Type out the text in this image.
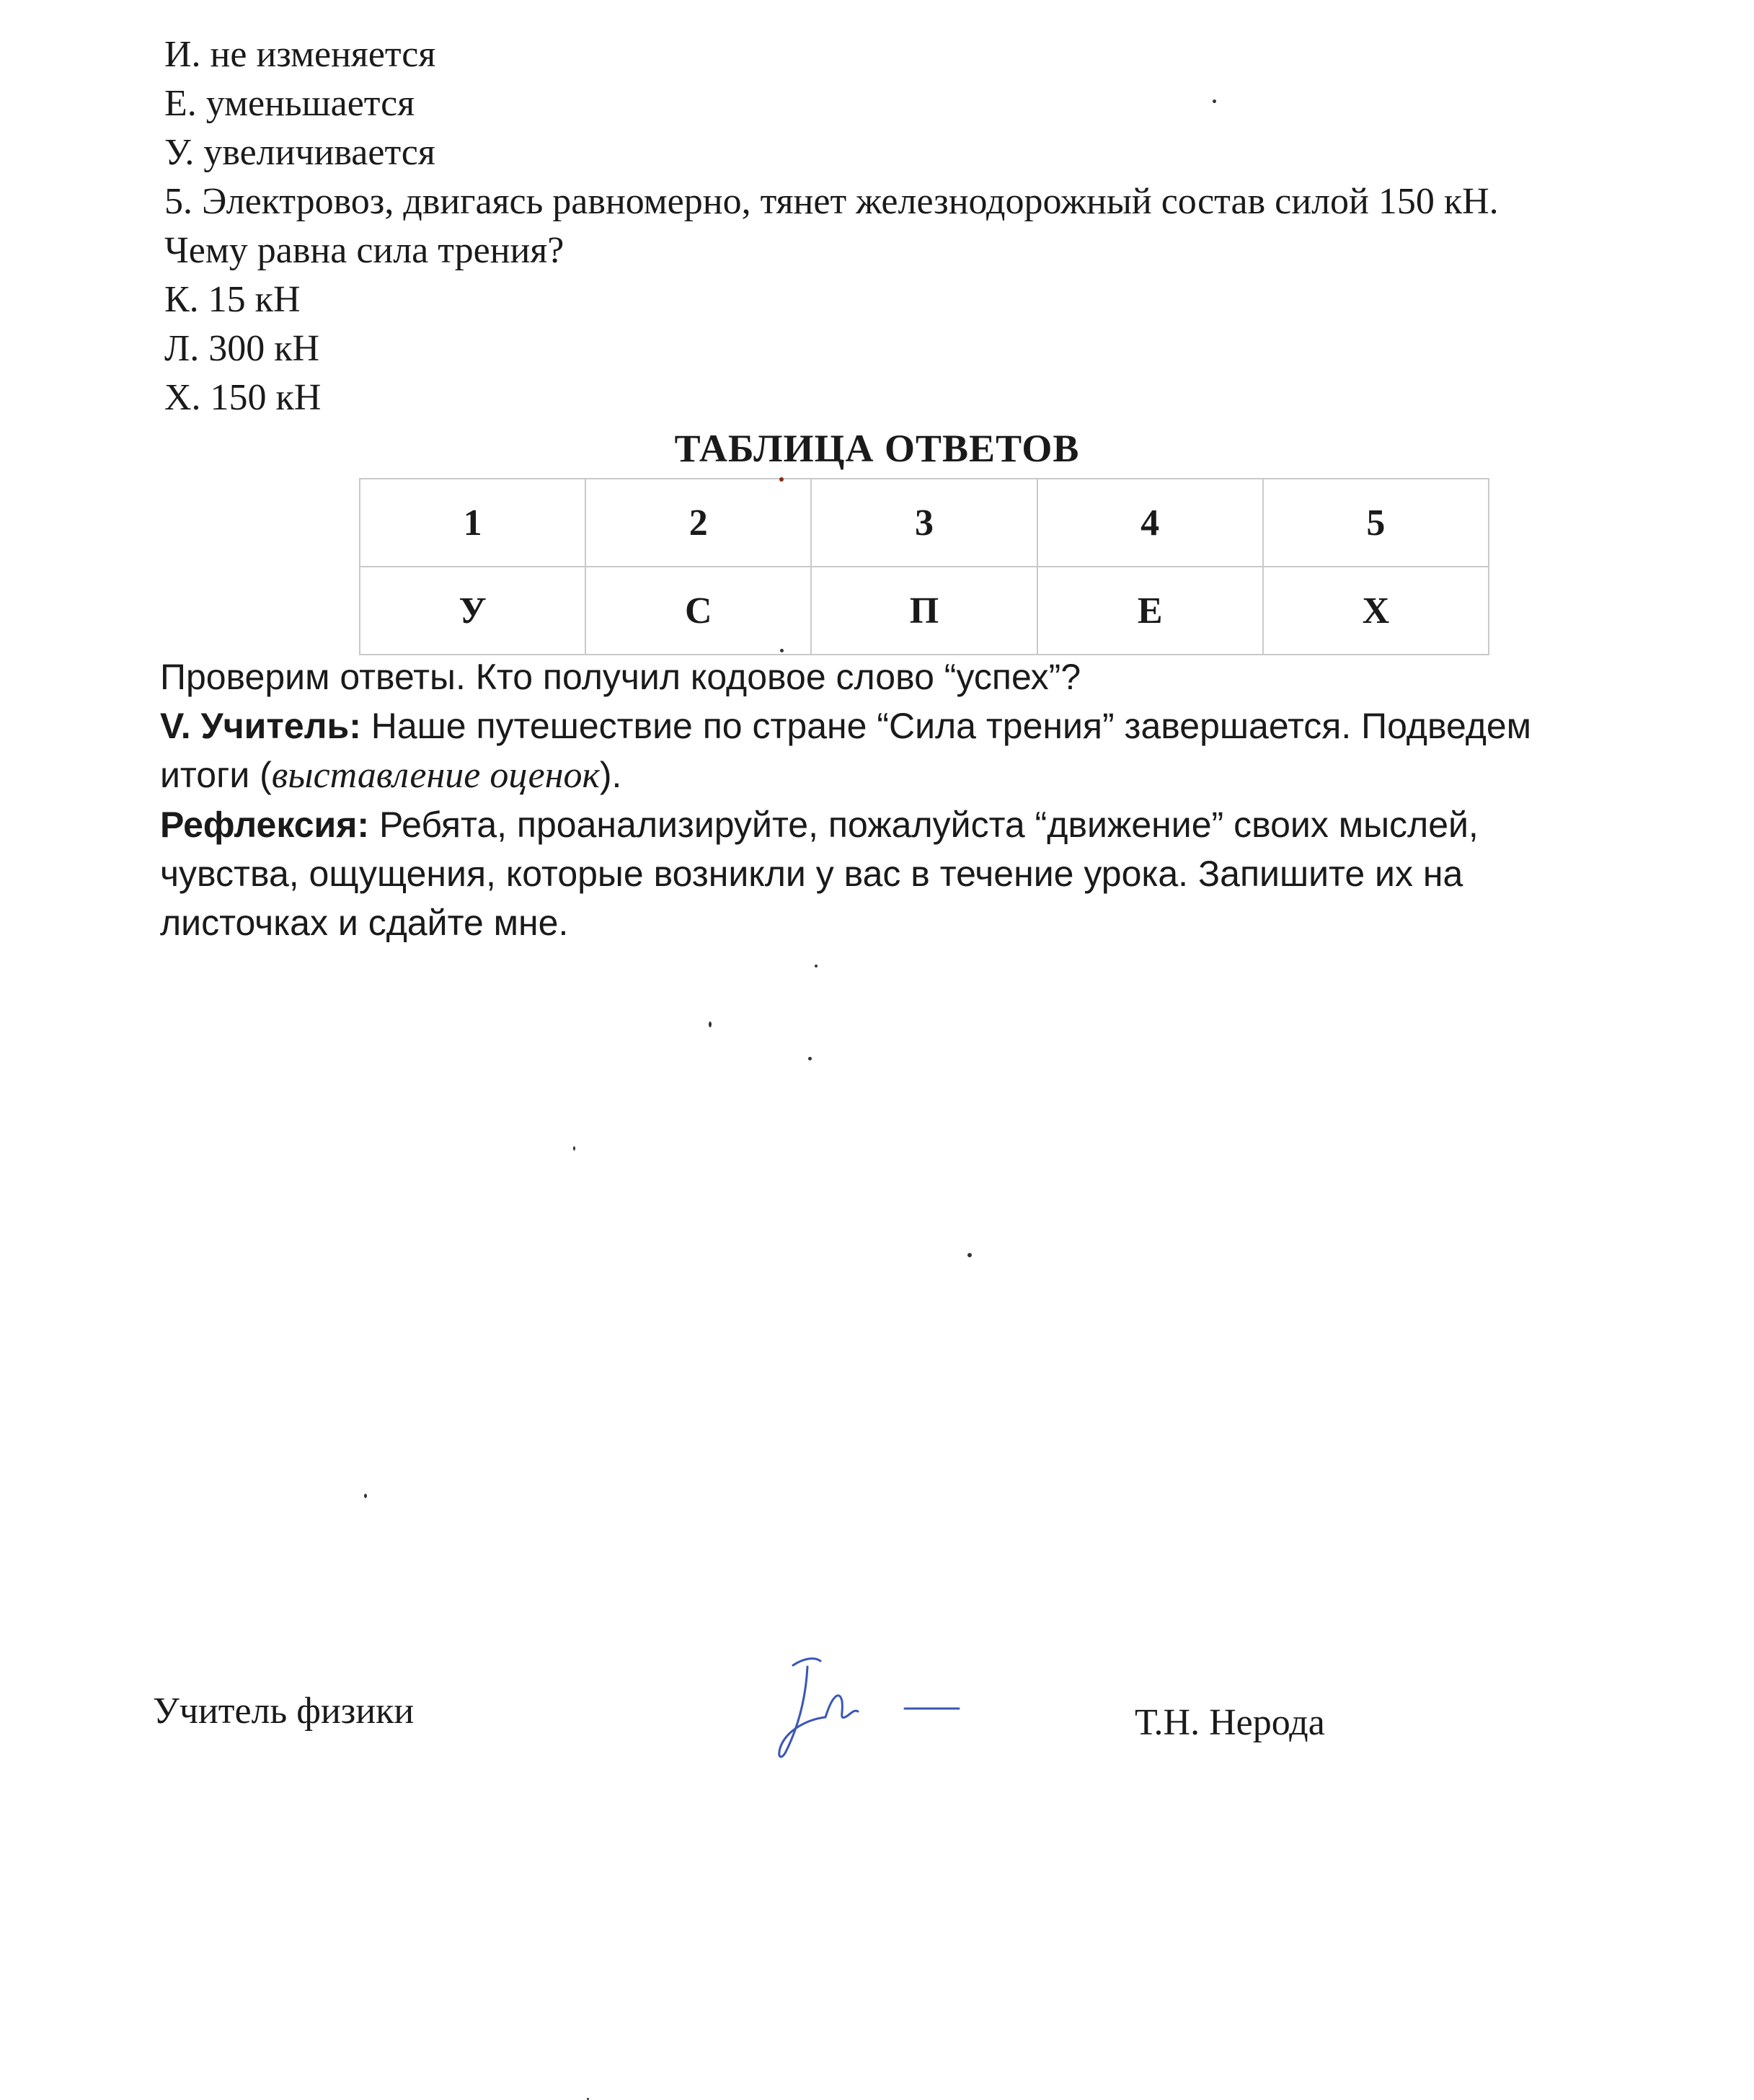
И. не изменяется
Е. уменьшается
У. увеличивается
5. Электровоз, двигаясь равномерно, тянет железнодорожный состав силой 150 кН.
Чему равна сила трения?
К. 15 кН
Л. 300 кН
Х. 150 кН
ТАБЛИЦА ОТВЕТОВ
1	2	3	4	5
У	С	П	Е	Х
Проверим ответы. Кто получил кодовое слово “успех”?
V. Учитель: Наше путешествие по стране “Сила трения” завершается. Подведем
итоги (выставление оценок).
Рефлексия: Ребята, проанализируйте, пожалуйста “движение” своих мыслей,
чувства, ощущения, которые возникли у вас в течение урока. Запишите их на
листочках и сдайте мне.
Учитель физики	Т.Н. Нерода
